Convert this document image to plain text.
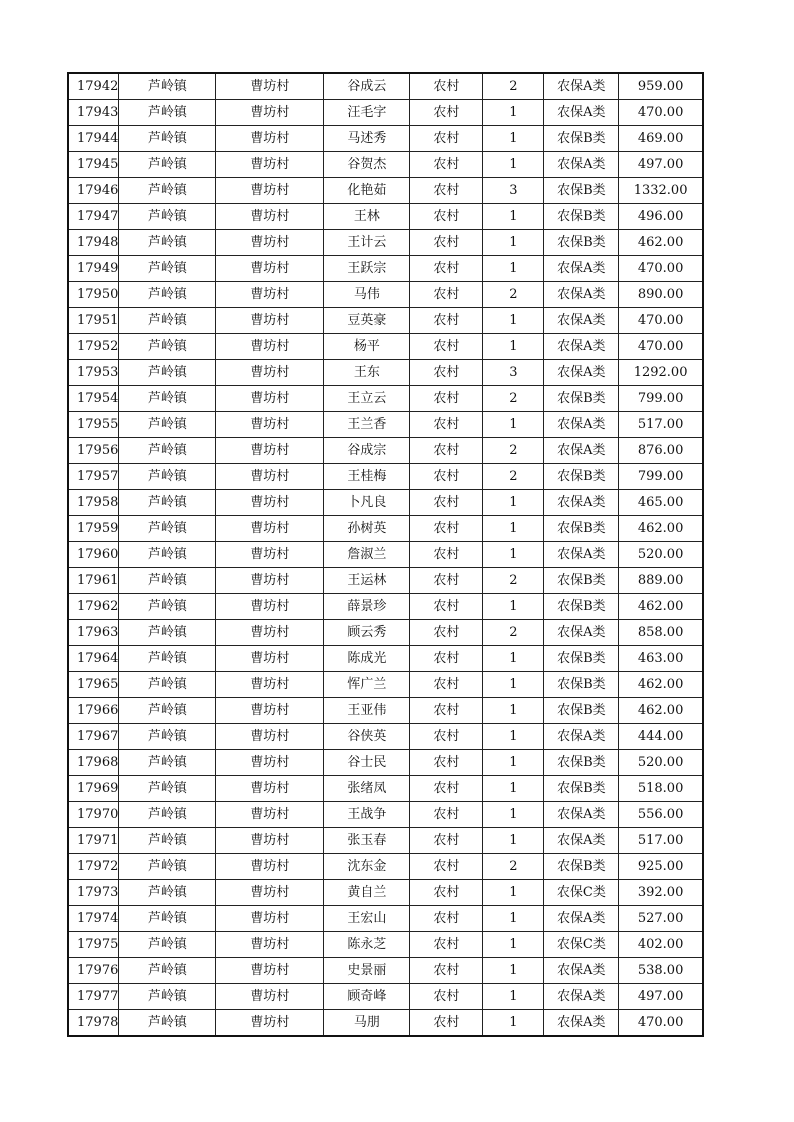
17942	芦岭镇	曹坊村	谷成云	农村	2	农保A类	959.00
17943	芦岭镇	曹坊村	汪毛字	农村	1	农保A类	470.00
17944	芦岭镇	曹坊村	马述秀	农村	1	农保B类	469.00
17945	芦岭镇	曹坊村	谷贺杰	农村	1	农保A类	497.00
17946	芦岭镇	曹坊村	化艳茹	农村	3	农保B类	1332.00
17947	芦岭镇	曹坊村	王林	农村	1	农保B类	496.00
17948	芦岭镇	曹坊村	王计云	农村	1	农保B类	462.00
17949	芦岭镇	曹坊村	王跃宗	农村	1	农保A类	470.00
17950	芦岭镇	曹坊村	马伟	农村	2	农保A类	890.00
17951	芦岭镇	曹坊村	豆英豪	农村	1	农保A类	470.00
17952	芦岭镇	曹坊村	杨平	农村	1	农保A类	470.00
17953	芦岭镇	曹坊村	王东	农村	3	农保A类	1292.00
17954	芦岭镇	曹坊村	王立云	农村	2	农保B类	799.00
17955	芦岭镇	曹坊村	王兰香	农村	1	农保A类	517.00
17956	芦岭镇	曹坊村	谷成宗	农村	2	农保A类	876.00
17957	芦岭镇	曹坊村	王桂梅	农村	2	农保B类	799.00
17958	芦岭镇	曹坊村	卜凡良	农村	1	农保A类	465.00
17959	芦岭镇	曹坊村	孙树英	农村	1	农保B类	462.00
17960	芦岭镇	曹坊村	詹淑兰	农村	1	农保A类	520.00
17961	芦岭镇	曹坊村	王运林	农村	2	农保B类	889.00
17962	芦岭镇	曹坊村	薛景珍	农村	1	农保B类	462.00
17963	芦岭镇	曹坊村	顾云秀	农村	2	农保A类	858.00
17964	芦岭镇	曹坊村	陈成光	农村	1	农保B类	463.00
17965	芦岭镇	曹坊村	恽广兰	农村	1	农保B类	462.00
17966	芦岭镇	曹坊村	王亚伟	农村	1	农保B类	462.00
17967	芦岭镇	曹坊村	谷侠英	农村	1	农保A类	444.00
17968	芦岭镇	曹坊村	谷士民	农村	1	农保B类	520.00
17969	芦岭镇	曹坊村	张绪凤	农村	1	农保B类	518.00
17970	芦岭镇	曹坊村	王战争	农村	1	农保A类	556.00
17971	芦岭镇	曹坊村	张玉春	农村	1	农保A类	517.00
17972	芦岭镇	曹坊村	沈东金	农村	2	农保B类	925.00
17973	芦岭镇	曹坊村	黄自兰	农村	1	农保C类	392.00
17974	芦岭镇	曹坊村	王宏山	农村	1	农保A类	527.00
17975	芦岭镇	曹坊村	陈永芝	农村	1	农保C类	402.00
17976	芦岭镇	曹坊村	史景丽	农村	1	农保A类	538.00
17977	芦岭镇	曹坊村	顾奇峰	农村	1	农保A类	497.00
17978	芦岭镇	曹坊村	马朋	农村	1	农保A类	470.00
